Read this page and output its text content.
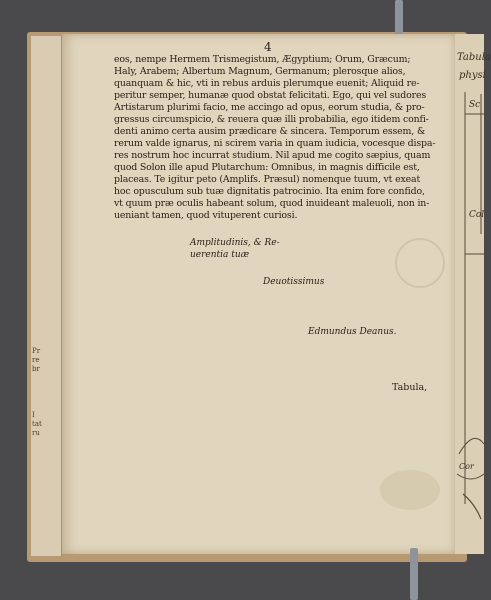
Pr
re
br
I
tat
ru
Tabula
physi
Sc
Col
Cor
4
eos, nempe Hermem Trismegistum, Ægyptium; Orum, Græcum;
Haly, Arabem; Albertum Magnum, Germanum; plerosque alios,
quanquam & hic, vti in rebus arduis plerumque euenit; Aliquid re-
peritur semper, humanæ quod obstat felicitati. Ego, qui vel sudores
Artistarum plurimi facio, me accingo ad opus, eorum studia, & pro-
gressus circumspicio, & reuera quæ illi probabilia, ego itidem confi-
denti animo certa ausim prædicare & sincera. Temporum essem, &
rerum valde ignarus, ni scirem varia in quam iudicia, vocesque dispa-
res nostrum hoc incurrat studium. Nil apud me cogito sæpius, quam
quod Solon ille apud Plutarchum: Omnibus, in magnis difficile est,
placeas. Te igitur peto (Amplifs. Præsul) nomenque tuum, vt exeat
hoc opusculum sub tuæ dignitatis patrocinio. Ita enim fore confido,
vt quum præ oculis habeant solum, quod inuideant maleuoli, non in-
ueniant tamen, quod vituperent curiosi.
Amplitudinis, & Re-
uerentia tuæ
Deuotissimus
Edmundus Deanus.
Tabula,
